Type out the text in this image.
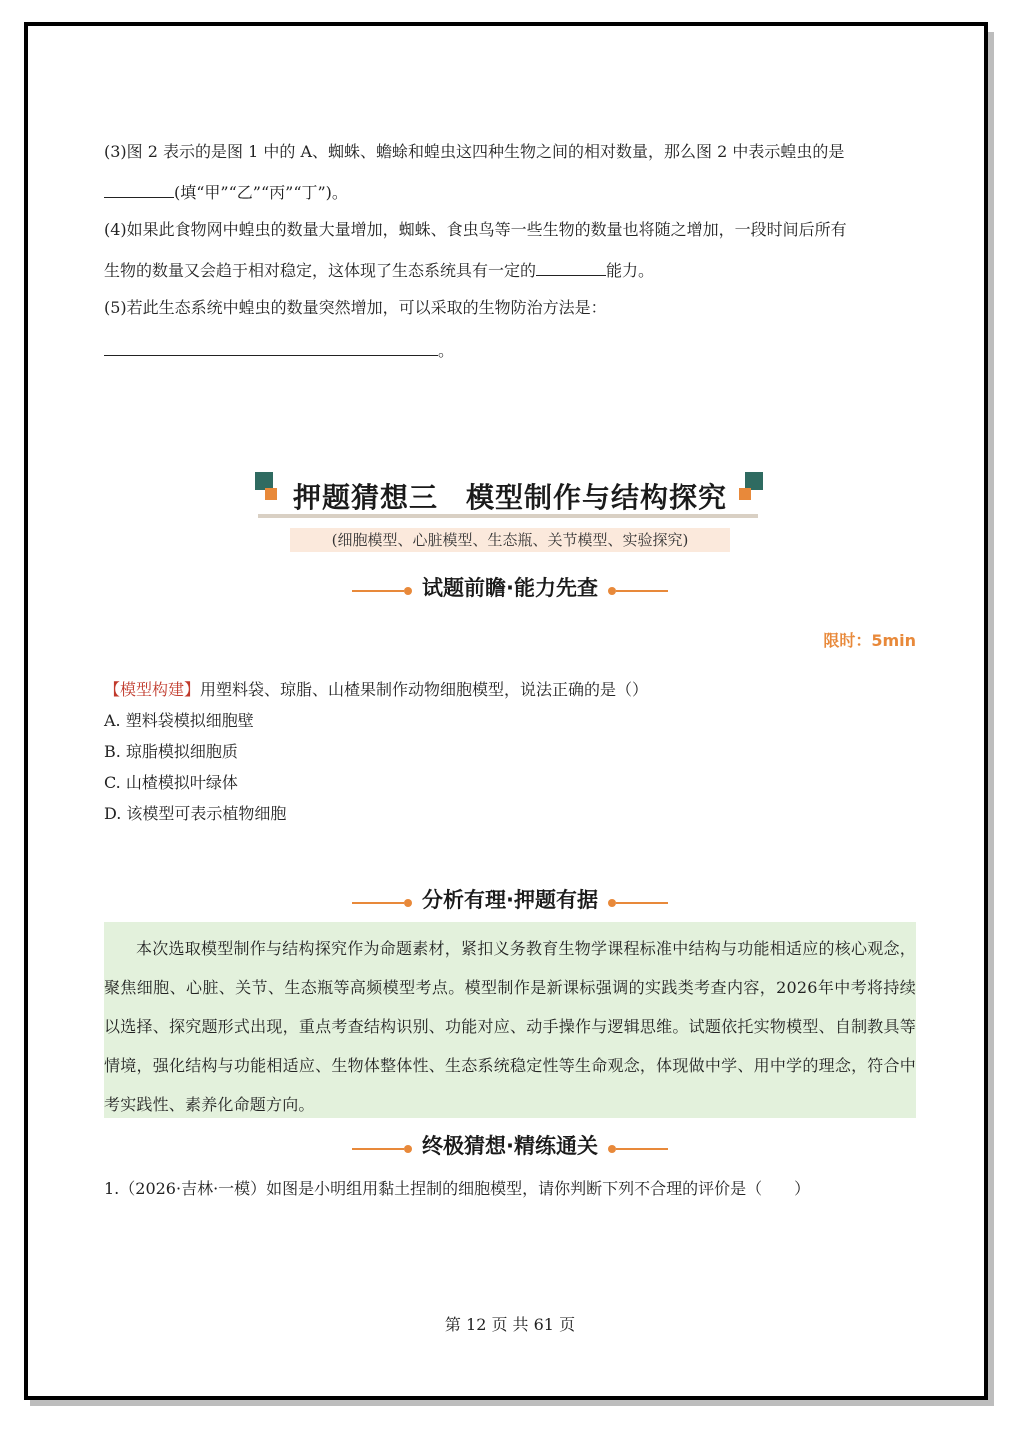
(3)图 2 表示的是图 1 中的 A、蜘蛛、蟾蜍和蝗虫这四种生物之间的相对数量，那么图 2 中表示蝗虫的是
(填“甲”“乙”“丙”“丁”)。
(4)如果此食物网中蝗虫的数量大量增加，蜘蛛、食虫鸟等一些生物的数量也将随之增加，一段时间后所有
生物的数量又会趋于相对稳定，这体现了生态系统具有一定的	能力。
(5)若此生态系统中蝗虫的数量突然增加，可以采取的生物防治方法是：
。
押题猜想三 模型制作与结构探究
(细胞模型、心脏模型、生态瓶、关节模型、实验探究)
试题前瞻·能力先查
限时：5min
【模型构建】用塑料袋、琼脂、山楂果制作动物细胞模型，说法正确的是（）
A. 塑料袋模拟细胞壁
B. 琼脂模拟细胞质
C. 山楂模拟叶绿体
D. 该模型可表示植物细胞
分析有理·押题有据

本次选取模型制作与结构探究作为命题素材，紧扣义务教育生物学课程标准中结构与功能相适应的核心观念，聚焦细胞、心脏、关节、生态瓶等高频模型考点。模型制作是新课标强调的实践类考查内容，2026年中考将持续以选择、探究题形式出现，重点考查结构识别、功能对应、动手操作与逻辑思维。试题依托实物模型、自制教具等情境，强化结构与功能相适应、生物体整体性、生态系统稳定性等生命观念，体现做中学、用中学的理念，符合中考实践性、素养化命题方向。

终极猜想·精练通关
1.（2026·吉林·一模）如图是小明组用黏土捏制的细胞模型，请你判断下列不合理的评价是（　　）
第 12 页 共 61 页
